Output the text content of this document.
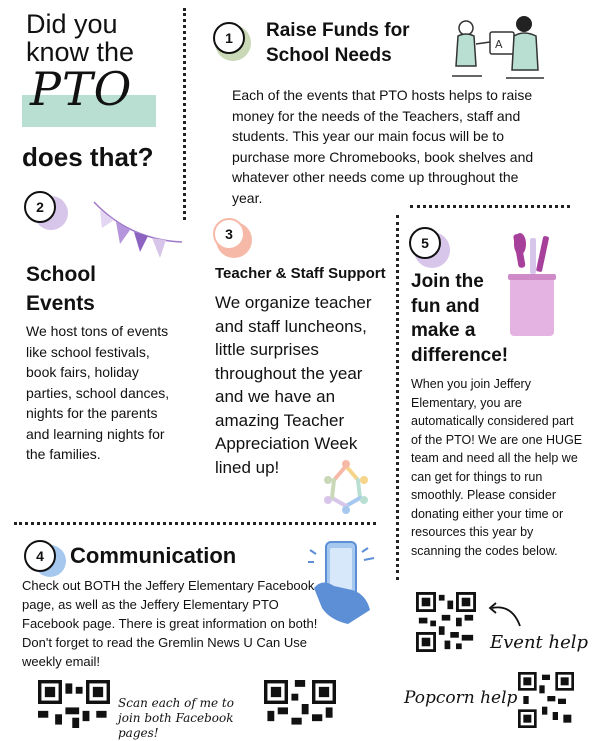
Did you
know the
PTO
does that?
1 Raise Funds for
School Needs
A
Each of the events that PTO hosts helps to raise money for the needs of the Teachers, staff and students. This year our main focus will be to purchase more Chromebooks, book shelves and whatever other needs come up throughout the year.
2
School
Events
We host tons of events like school festivals, book fairs, holiday parties, school dances, nights for the parents and learning nights for the families.
3
Teacher & Staff Support
We organize teacher and staff luncheons, little surprises throughout the year and we have an amazing Teacher Appreciation Week lined up!
5
Join the
fun and
make a
difference!
When you join Jeffery Elementary, you are automatically considered part of the PTO! We are one HUGE team and need all the help we can get for things to run smoothly. Please consider donating either your time or resources this year by scanning the codes below.
4 Communication
Check out BOTH the Jeffery Elementary Facebook page, as well as the Jeffery Elementary PTO Facebook page. There is great information on both! Don't forget to read the Gremlin News U Can Use weekly email!
Event help
Popcorn help
Scan each of me to join both Facebook pages!
